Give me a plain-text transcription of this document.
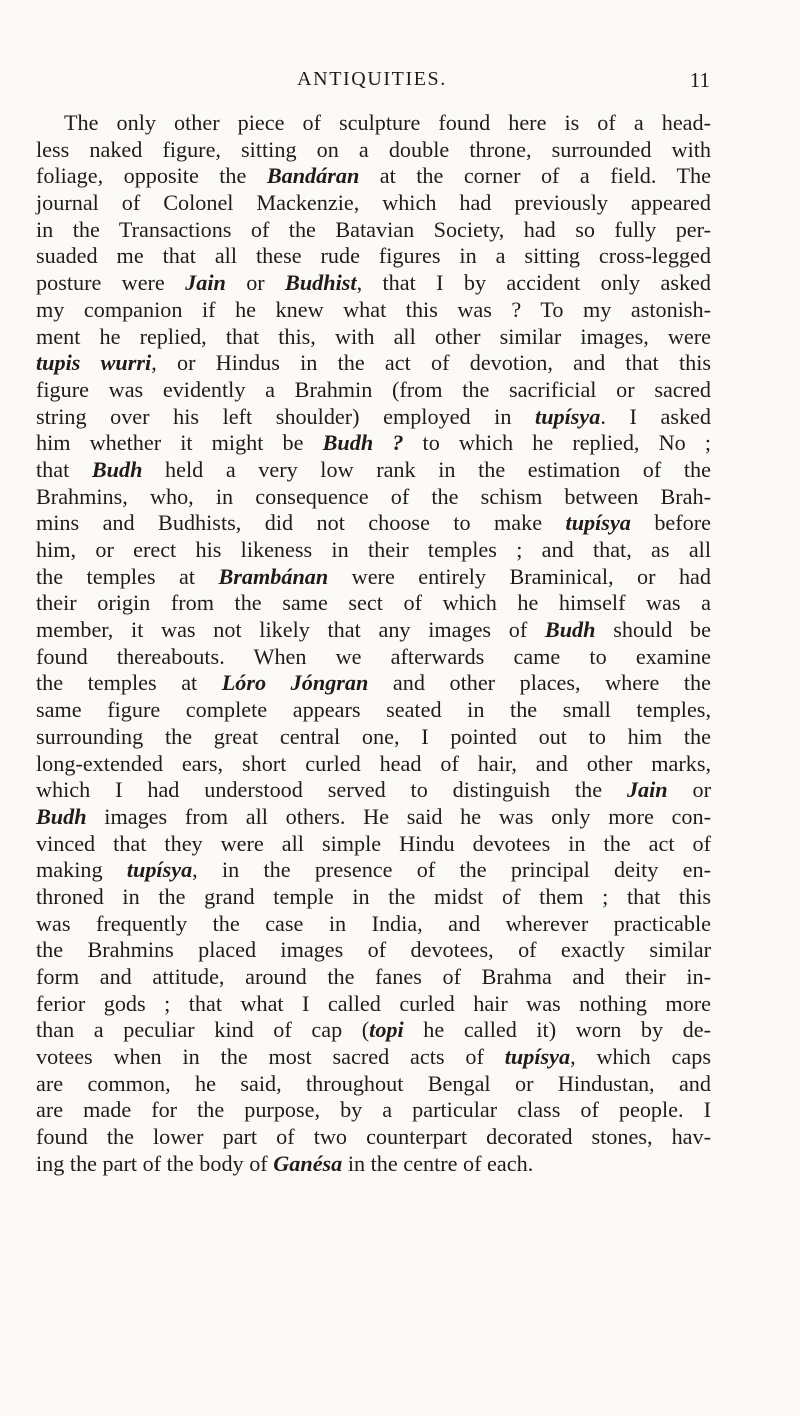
ANTIQUITIES.	11
The only other piece of sculpture found here is of a head-
less naked figure, sitting on a double throne, surrounded with
foliage, opposite the Bandáran at the corner of a field. The
journal of Colonel Mackenzie, which had previously appeared
in the Transactions of the Batavian Society, had so fully per-
suaded me that all these rude figures in a sitting cross-legged
posture were Jain or Budhist, that I by accident only asked
my companion if he knew what this was ? To my astonish-
ment he replied, that this, with all other similar images, were
tupis wurri, or Hindus in the act of devotion, and that this
figure was evidently a Brahmin (from the sacrificial or sacred
string over his left shoulder) employed in tupísya. I asked
him whether it might be Budh ? to which he replied, No ;
that Budh held a very low rank in the estimation of the
Brahmins, who, in consequence of the schism between Brah-
mins and Budhists, did not choose to make tupísya before
him, or erect his likeness in their temples ; and that, as all
the temples at Brambánan were entirely Braminical, or had
their origin from the same sect of which he himself was a
member, it was not likely that any images of Budh should be
found thereabouts. When we afterwards came to examine
the temples at Lóro Jóngran and other places, where the
same figure complete appears seated in the small temples,
surrounding the great central one, I pointed out to him the
long-extended ears, short curled head of hair, and other marks,
which I had understood served to distinguish the Jain or
Budh images from all others. He said he was only more con-
vinced that they were all simple Hindu devotees in the act of
making tupísya, in the presence of the principal deity en-
throned in the grand temple in the midst of them ; that this
was frequently the case in India, and wherever practicable
the Brahmins placed images of devotees, of exactly similar
form and attitude, around the fanes of Brahma and their in-
ferior gods ; that what I called curled hair was nothing more
than a peculiar kind of cap (topi he called it) worn by de-
votees when in the most sacred acts of tupísya, which caps
are common, he said, throughout Bengal or Hindustan, and
are made for the purpose, by a particular class of people. I
found the lower part of two counterpart decorated stones, hav-
ing the part of the body of Ganésa in the centre of each.
